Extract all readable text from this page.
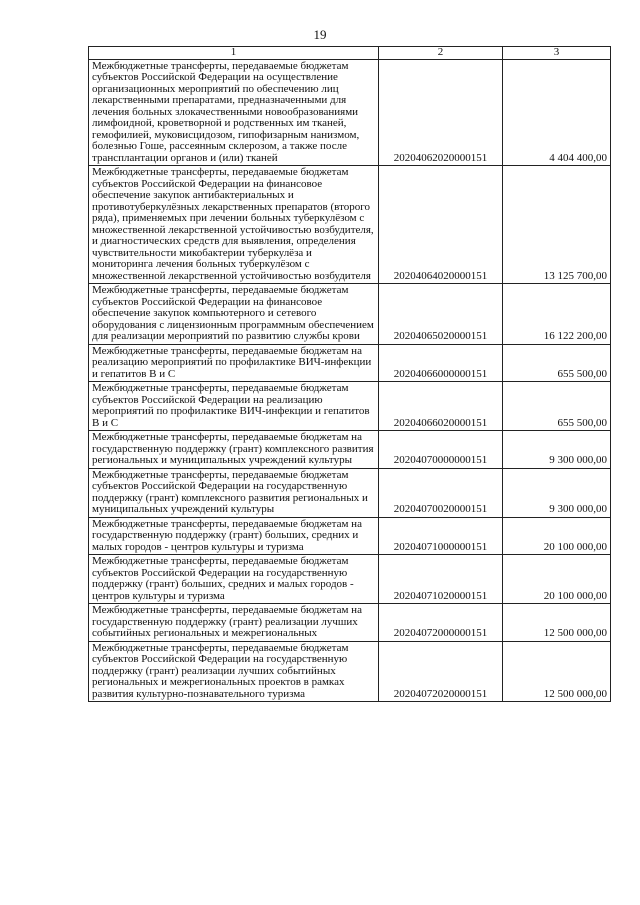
19
1	2	3
Межбюджетные трансферты, передаваемые бюджетам субъектов Российской Федерации на осуществление организационных мероприятий по обеспечению лиц лекарственными препаратами, предназначенными для лечения больных злокачественными новообразованиями лимфоидной, кроветворной и родственных им тканей, гемофилией, муковисцидозом, гипофизарным нанизмом, болезнью Гоше, рассеянным склерозом, а также после трансплантации органов и (или) тканей	20204062020000151	4 404 400,00
Межбюджетные трансферты, передаваемые бюджетам субъектов Российской Федерации на финансовое обеспечение закупок антибактериальных и противотуберкулёзных лекарственных препаратов (второго ряда), применяемых при лечении больных туберкулёзом с множественной лекарственной устойчивостью возбудителя, и диагностических средств для выявления, определения чувствительности микобактерии туберкулёза и мониторинга лечения больных туберкулёзом с множественной лекарственной устойчивостью возбудителя	20204064020000151	13 125 700,00
Межбюджетные трансферты, передаваемые бюджетам субъектов Российской Федерации на финансовое обеспечение закупок компьютерного и сетевого оборудования с лицензионным программным обеспечением для реализации мероприятий по развитию службы крови	20204065020000151	16 122 200,00
Межбюджетные трансферты, передаваемые бюджетам на реализацию мероприятий по профилактике ВИЧ-инфекции и гепатитов В и С	20204066000000151	655 500,00
Межбюджетные трансферты, передаваемые бюджетам субъектов Российской Федерации на реализацию мероприятий по профилактике ВИЧ-инфекции и гепатитов В и С	20204066020000151	655 500,00
Межбюджетные трансферты, передаваемые бюджетам на государственную поддержку (грант) комплексного развития региональных и муниципальных учреждений культуры	20204070000000151	9 300 000,00
Межбюджетные трансферты, передаваемые бюджетам субъектов Российской Федерации на государственную поддержку (грант) комплексного развития региональных и муниципальных учреждений культуры	20204070020000151	9 300 000,00
Межбюджетные трансферты, передаваемые бюджетам на государственную поддержку (грант) больших, средних и малых городов - центров культуры и туризма	20204071000000151	20 100 000,00
Межбюджетные трансферты, передаваемые бюджетам субъектов Российской Федерации на государственную поддержку (грант) больших, средних и малых городов - центров культуры и туризма	20204071020000151	20 100 000,00
Межбюджетные трансферты, передаваемые бюджетам на государственную поддержку (грант) реализации лучших событийных региональных и межрегиональных	20204072000000151	12 500 000,00
Межбюджетные трансферты, передаваемые бюджетам субъектов Российской Федерации на государственную поддержку (грант) реализации лучших событийных региональных и межрегиональных проектов в рамках развития культурно-познавательного туризма	20204072020000151	12 500 000,00
